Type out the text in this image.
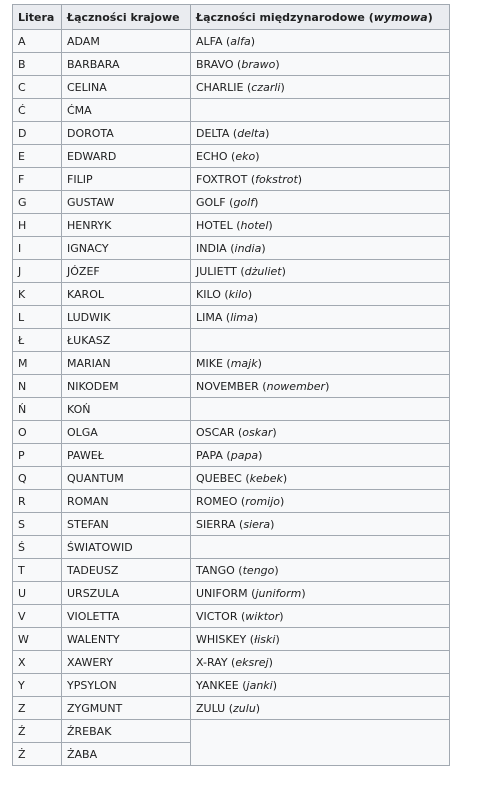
Litera	Łączności krajowe	Łączności międzynarodowe (wymowa)
A	ADAM	ALFA (alfa)
B	BARBARA	BRAVO (brawo)
C	CELINA	CHARLIE (czarli)
Ć	ĆMA	
D	DOROTA	DELTA (delta)
E	EDWARD	ECHO (eko)
F	FILIP	FOXTROT (fokstrot)
G	GUSTAW	GOLF (golf)
H	HENRYK	HOTEL (hotel)
I	IGNACY	INDIA (india)
J	JÓZEF	JULIETT (dżuliet)
K	KAROL	KILO (kilo)
L	LUDWIK	LIMA (lima)
Ł	ŁUKASZ	
M	MARIAN	MIKE (majk)
N	NIKODEM	NOVEMBER (nowember)
Ń	KOŃ	
O	OLGA	OSCAR (oskar)
P	PAWEŁ	PAPA (papa)
Q	QUANTUM	QUEBEC (kebek)
R	ROMAN	ROMEO (romijo)
S	STEFAN	SIERRA (siera)
Ś	ŚWIATOWID	
T	TADEUSZ	TANGO (tengo)
U	URSZULA	UNIFORM (juniform)
V	VIOLETTA	VICTOR (wiktor)
W	WALENTY	WHISKEY (łiski)
X	XAWERY	X-RAY (eksrej)
Y	YPSYLON	YANKEE (janki)
Z	ZYGMUNT	ZULU (zulu)
Ź	ŹREBAK	
Ż	ŻABA	
